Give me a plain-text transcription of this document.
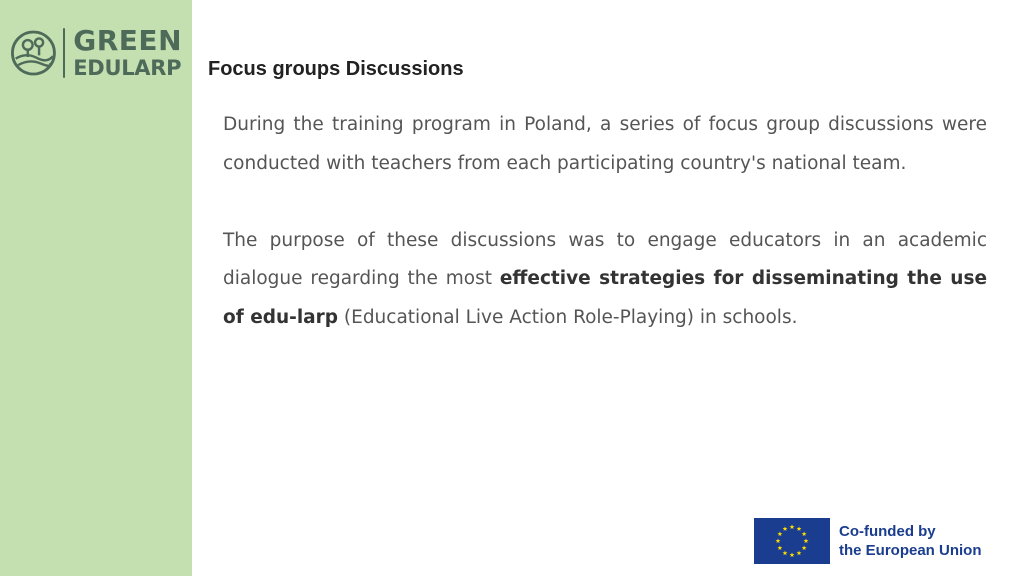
GREEN
EDULARP Focus groups Discussions

During the training program in Poland, a series of focus group discussions were conducted with teachers from each participating country's national team.

The purpose of these discussions was to engage educators in an academic dialogue regarding the most effective strategies for disseminating the use of edu-larp (Educational Live Action Role-Playing) in schools.

Co-funded by
the European Union
